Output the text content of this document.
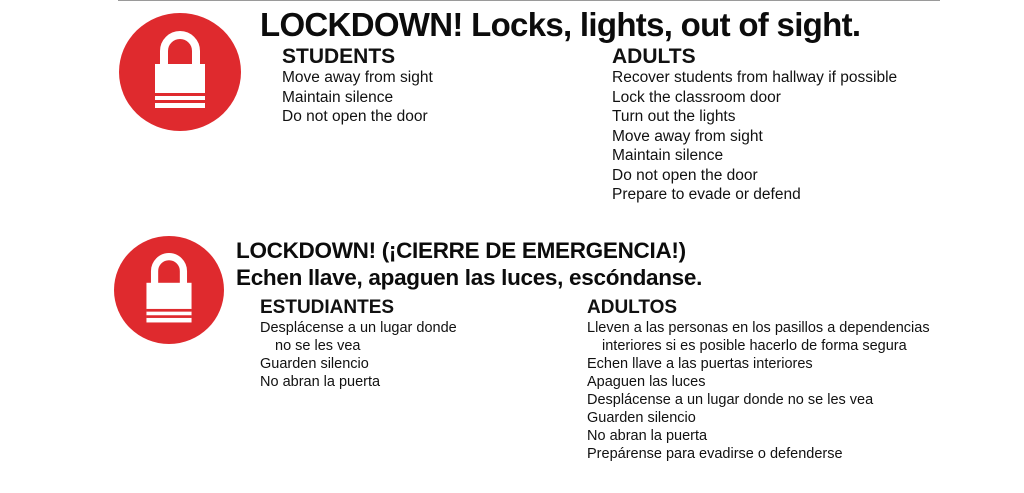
LOCKDOWN! Locks, lights, out of sight.
STUDENTS
Move away from sight
Maintain silence
Do not open the door
ADULTS
Recover students from hallway if possible
Lock the classroom door
Turn out the lights
Move away from sight
Maintain silence
Do not open the door
Prepare to evade or defend
LOCKDOWN! (¡CIERRE DE EMERGENCIA!)
Echen llave, apaguen las luces, escóndanse.
ESTUDIANTES
Desplácense a un lugar donde
no se les vea
Guarden silencio
No abran la puerta
ADULTOS
Lleven a las personas en los pasillos a dependencias
interiores si es posible hacerlo de forma segura
Echen llave a las puertas interiores
Apaguen las luces
Desplácense a un lugar donde no se les vea
Guarden silencio
No abran la puerta
Prepárense para evadirse o defenderse
